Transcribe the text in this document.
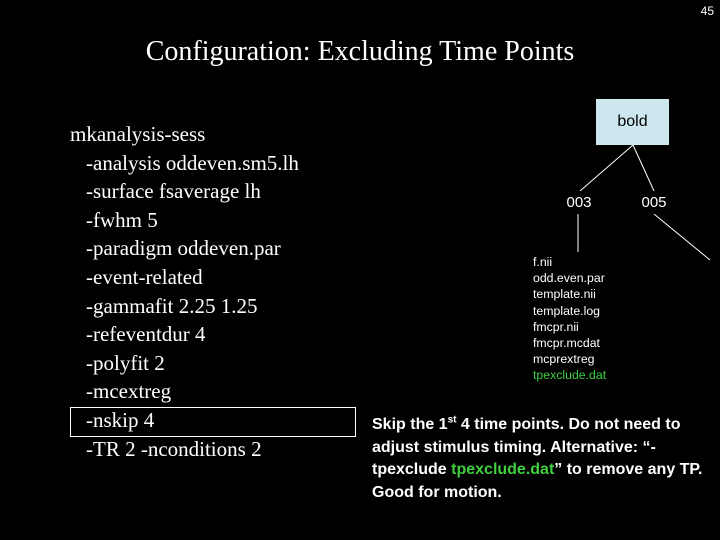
45
Configuration: Excluding Time Points
mkanalysis-sess
-analysis oddeven.sm5.lh
-surface fsaverage lh
-fwhm 5
-paradigm oddeven.par
-event-related
-gammafit 2.25 1.25
-refeventdur 4
-polyfit 2
-mcextreg
-nskip 4
-TR 2 -nconditions 2
bold
003	005
f.nii
odd.even.par
template.nii
template.log
fmcpr.nii
fmcpr.mcdat
mcprextreg
tpexclude.dat
Skip the 1st 4 time points. Do not need to adjust stimulus timing. Alternative: “-tpexclude tpexclude.dat” to remove any TP. Good for motion.
